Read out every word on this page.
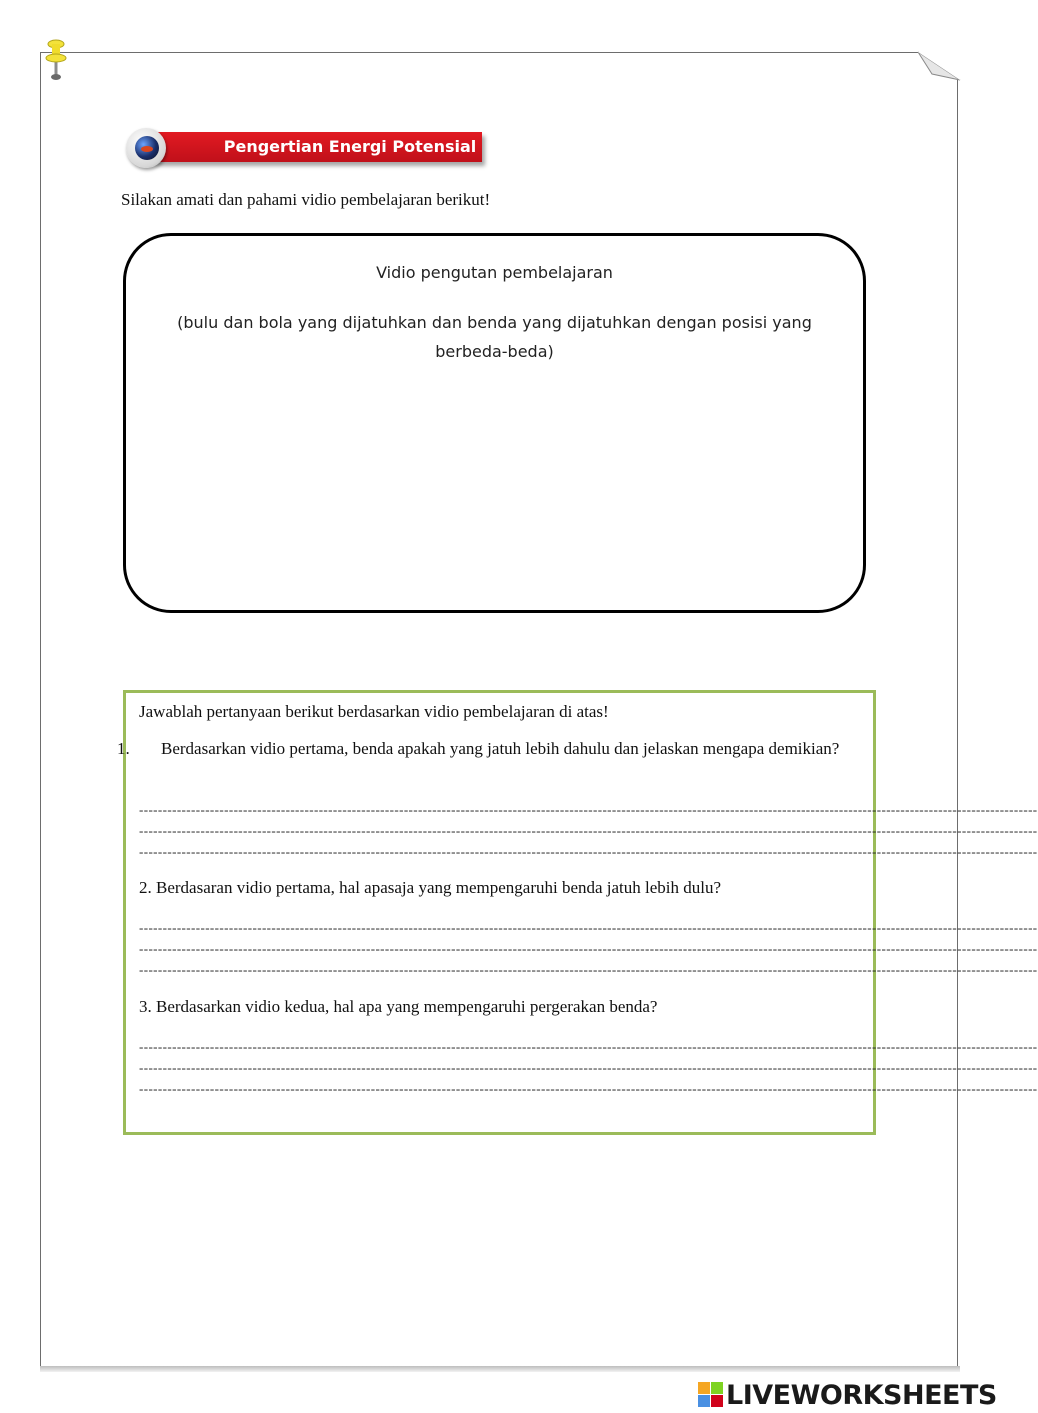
Pengertian Energi Potensial

Silakan amati dan pahami vidio pembelajaran berikut!

Vidio pengutan pembelajaran

(bulu dan bola yang dijatuhkan dan benda yang dijatuhkan dengan posisi yang berbeda-beda)

Jawablah pertanyaan berikut berdasarkan vidio pembelajaran di atas!

1. Berdasarkan vidio pertama, benda apakah yang jatuh lebih dahulu dan jelaskan mengapa demikian?

----------------------------------------------------------------------------------------------------------------------------------------------------------------------------------------------

----------------------------------------------------------------------------------------------------------------------------------------------------------------------------------------------

----------------------------------------------------------------------------------------------------------------------------------------------------------------------------------------------

2. Berdasaran vidio pertama, hal apasaja yang mempengaruhi benda jatuh lebih dulu?

----------------------------------------------------------------------------------------------------------------------------------------------------------------------------------------------

----------------------------------------------------------------------------------------------------------------------------------------------------------------------------------------------

----------------------------------------------------------------------------------------------------------------------------------------------------------------------------------------------

3. Berdasarkan vidio kedua, hal apa yang mempengaruhi pergerakan benda?

----------------------------------------------------------------------------------------------------------------------------------------------------------------------------------------------

----------------------------------------------------------------------------------------------------------------------------------------------------------------------------------------------

----------------------------------------------------------------------------------------------------------------------------------------------------------------------------------------------

LIVEWORKSHEETS
